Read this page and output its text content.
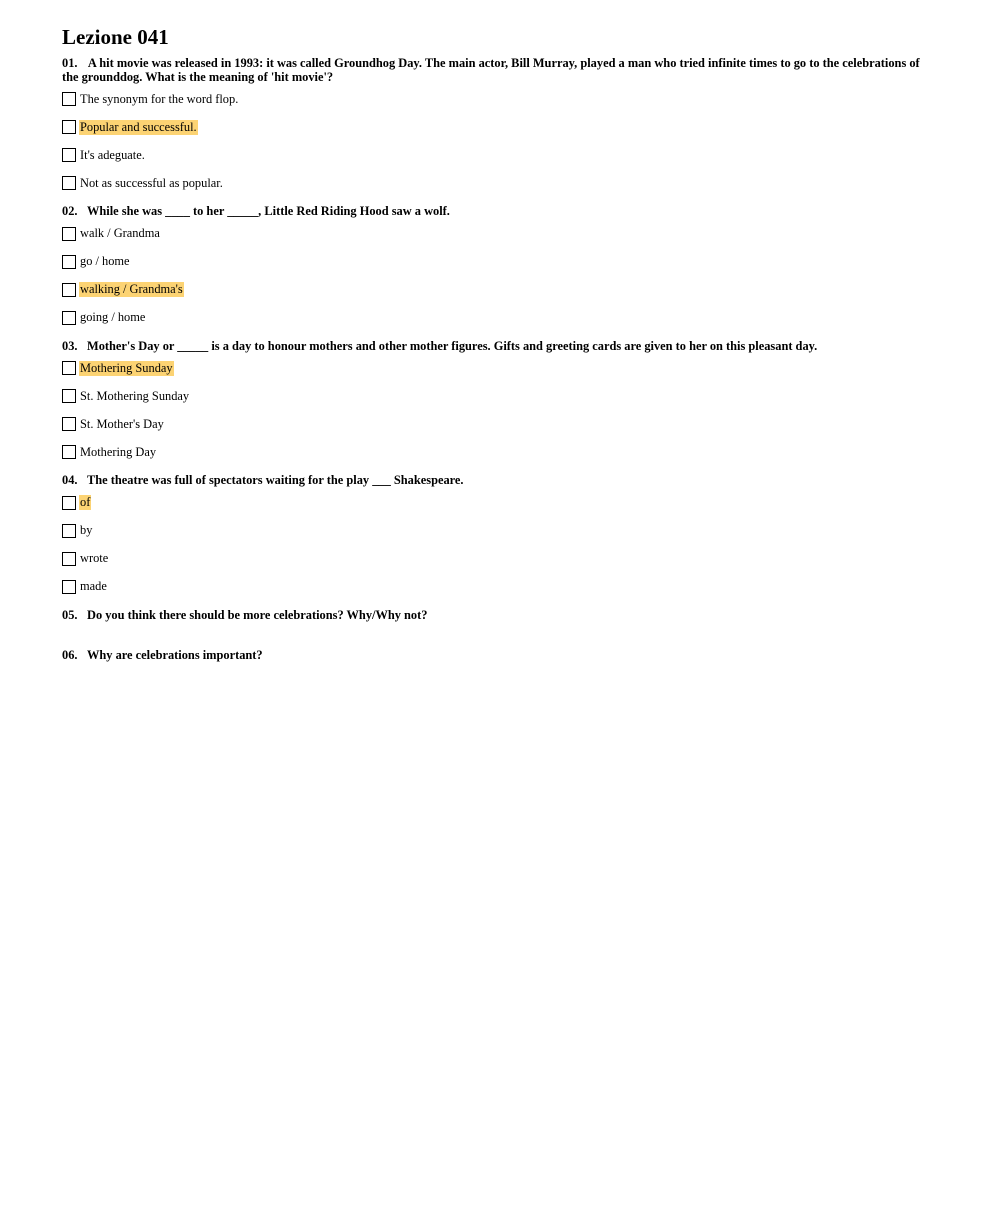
Lezione 041
01. A hit movie was released in 1993: it was called Groundhog Day. The main actor, Bill Murray, played a man who tried infinite times to go to the celebrations of the grounddog. What is the meaning of 'hit movie'?
The synonym for the word flop.
Popular and successful.
It's adeguate.
Not as successful as popular.
02. While she was ____ to her _____, Little Red Riding Hood saw a wolf.
walk / Grandma
go / home
walking / Grandma's
going / home
03. Mother's Day or _____ is a day to honour mothers and other mother figures. Gifts and greeting cards are given to her on this pleasant day.
Mothering Sunday
St. Mothering Sunday
St. Mother's Day
Mothering Day
04. The theatre was full of spectators waiting for the play ___ Shakespeare.
of
by
wrote
made
05. Do you think there should be more celebrations? Why/Why not?
06. Why are celebrations important?
